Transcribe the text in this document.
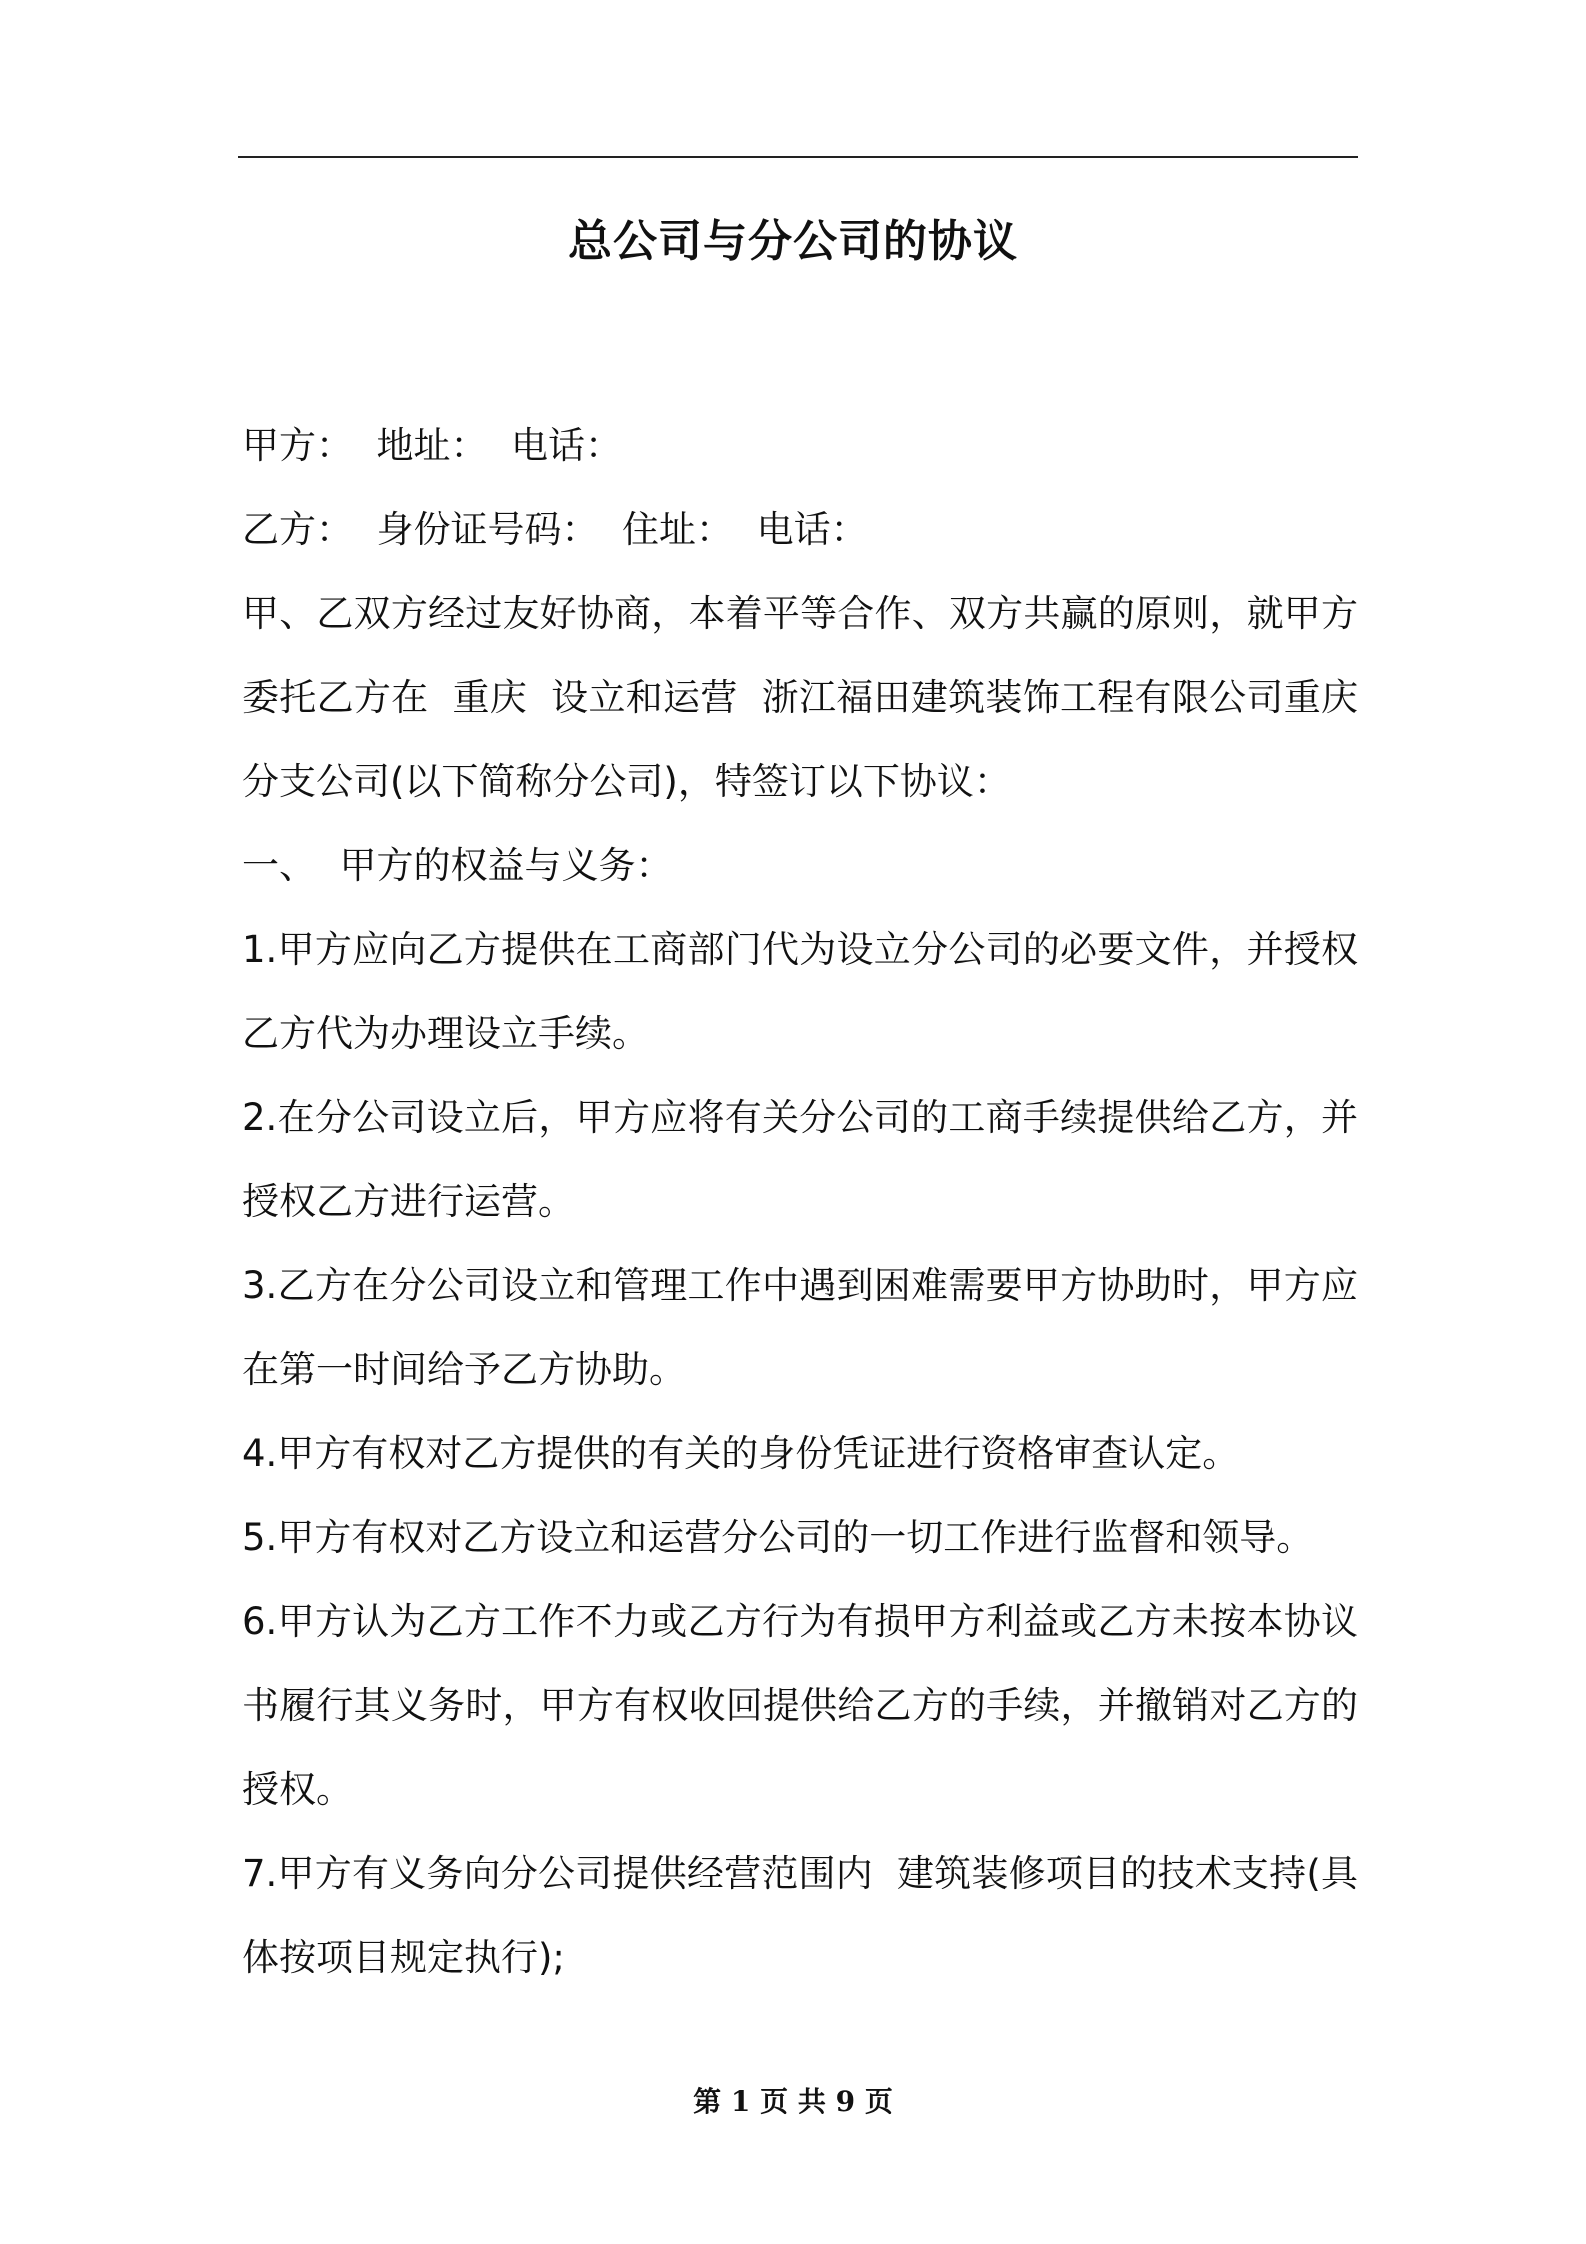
总公司与分公司的协议

甲方：  地址：  电话：

乙方：  身份证号码：  住址：  电话：

甲、乙双方经过友好协商，本着平等合作、双方共赢的原则，就甲方委托乙方在  重庆  设立和运营  浙江福田建筑装饰工程有限公司重庆分支公司(以下简称分公司)，特签订以下协议：

一、  甲方的权益与义务：

1.甲方应向乙方提供在工商部门代为设立分公司的必要文件，并授权乙方代为办理设立手续。

2.在分公司设立后，甲方应将有关分公司的工商手续提供给乙方，并授权乙方进行运营。

3.乙方在分公司设立和管理工作中遇到困难需要甲方协助时，甲方应在第一时间给予乙方协助。

4.甲方有权对乙方提供的有关的身份凭证进行资格审查认定。

5.甲方有权对乙方设立和运营分公司的一切工作进行监督和领导。

6.甲方认为乙方工作不力或乙方行为有损甲方利益或乙方未按本协议书履行其义务时，甲方有权收回提供给乙方的手续，并撤销对乙方的授权。

7.甲方有义务向分公司提供经营范围内  建筑装修项目的技术支持(具体按项目规定执行);

第 1 页 共 9 页
